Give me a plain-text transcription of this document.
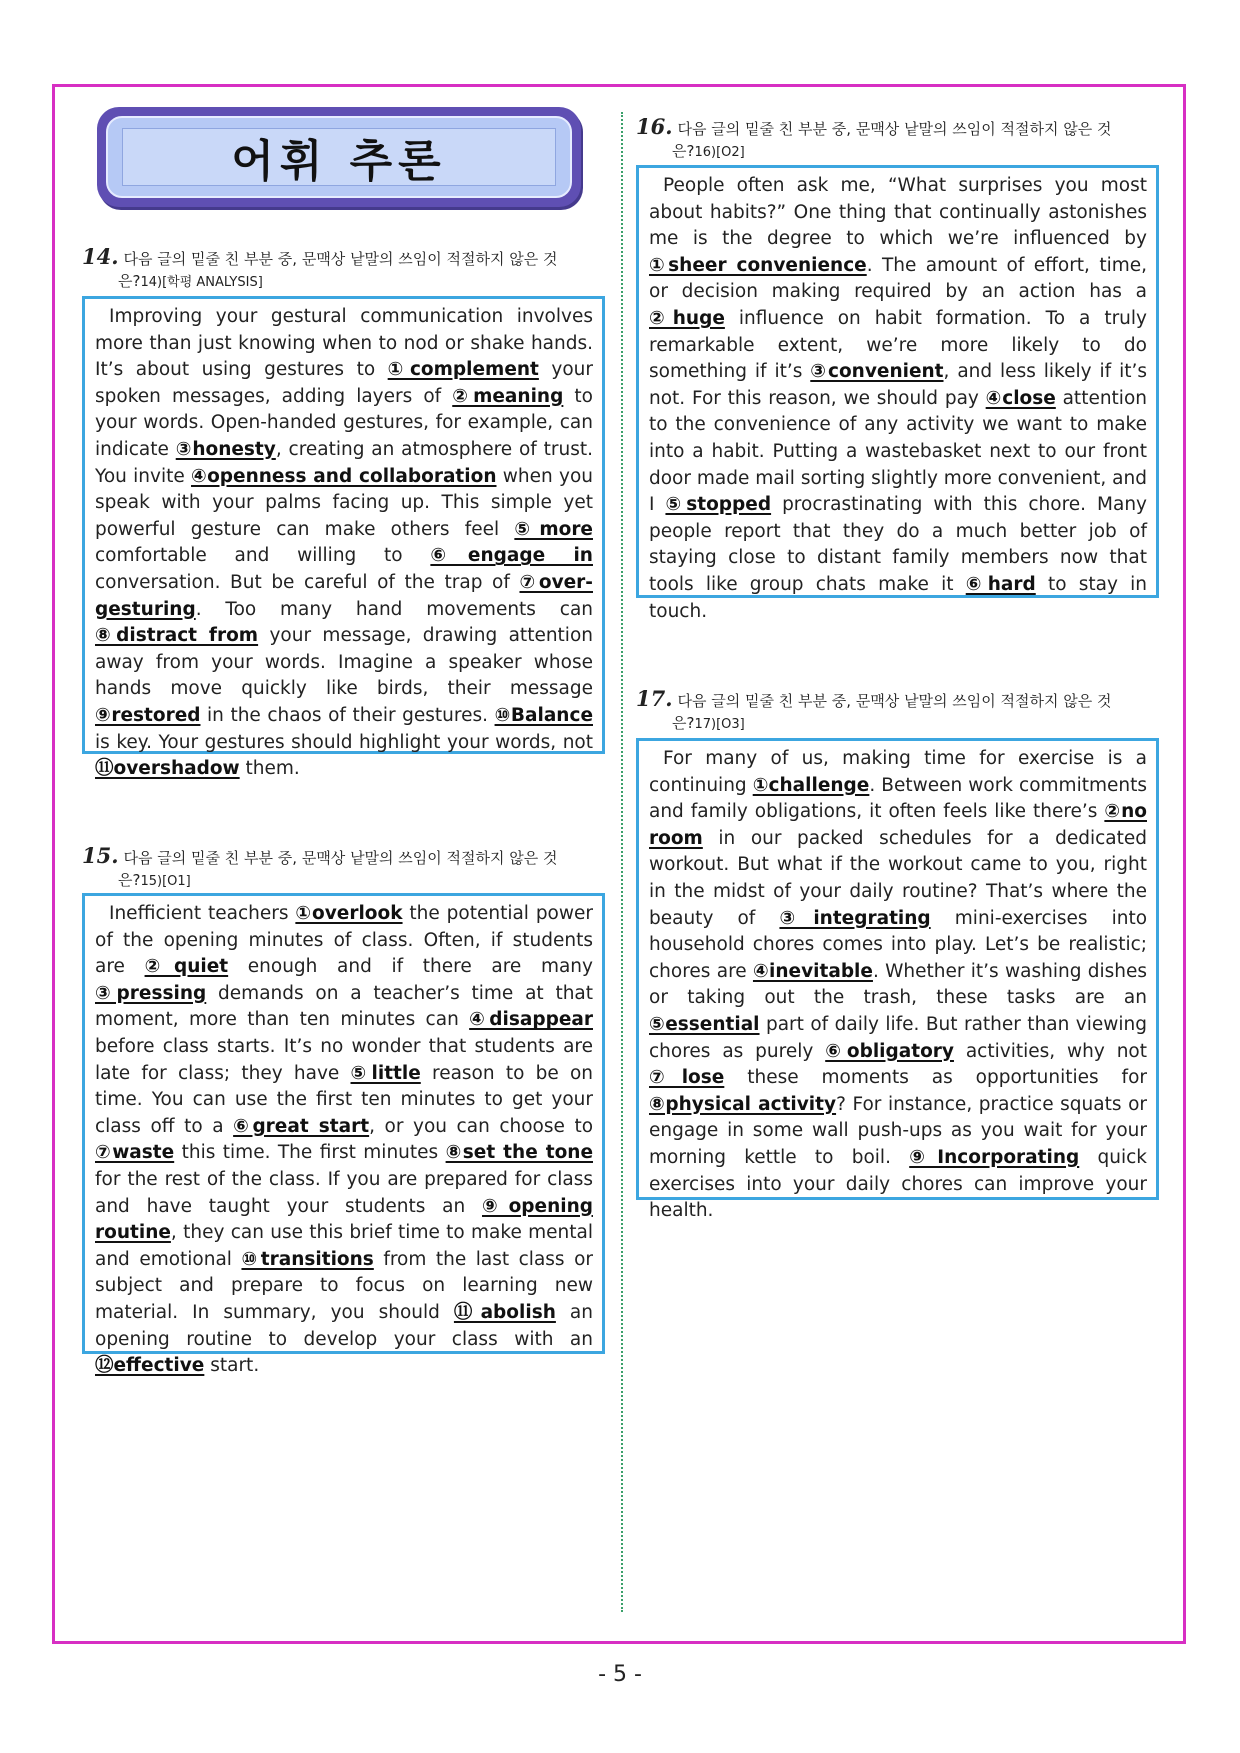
어휘 추론
14. 다음 글의 밑줄 친 부분 중, 문맥상 낱말의 쓰임이 적절하지 않은 것
은?14)[학평 ANALYSIS]

Improving your gestural communication involves more than just knowing when to nod or shake hands. It’s about using gestures to ①complement your spoken messages, adding layers of ②meaning to your words. Open-handed gestures, for example, can indicate ③honesty, creating an atmosphere of trust. You invite ④openness and collaboration when you speak with your palms facing up. This simple yet powerful gesture can make others feel ⑤more comfortable and willing to ⑥engage in conversation. But be careful of the trap of ⑦over-gesturing. Too many hand movements can ⑧distract from your message, drawing attention away from your words. Imagine a speaker whose hands move quickly like birds, their message ⑨restored in the chaos of their gestures. ⑩Balance is key. Your gestures should highlight your words, not ⑪overshadow them.

15. 다음 글의 밑줄 친 부분 중, 문맥상 낱말의 쓰임이 적절하지 않은 것
은?15)[O1]

Inefficient teachers ①overlook the potential power of the opening minutes of class. Often, if students are ②quiet enough and if there are many ③pressing demands on a teacher’s time at that moment, more than ten minutes can ④disappear before class starts. It’s no wonder that students are late for class; they have ⑤little reason to be on time. You can use the first ten minutes to get your class off to a ⑥great start, or you can choose to ⑦waste this time. The first minutes ⑧set the tone for the rest of the class. If you are prepared for class and have taught your students an ⑨opening routine, they can use this brief time to make mental and emotional ⑩transitions from the last class or subject and prepare to focus on learning new material. In summary, you should ⑪abolish an opening routine to develop your class with an ⑫effective start.

16. 다음 글의 밑줄 친 부분 중, 문맥상 낱말의 쓰임이 적절하지 않은 것
은?16)[O2]

People often ask me, “What surprises you most about habits?” One thing that continually astonishes me is the degree to which we’re influenced by ①sheer convenience. The amount of effort, time, or decision making required by an action has a ②huge influence on habit formation. To a truly remarkable extent, we’re more likely to do something if it’s ③convenient, and less likely if it’s not. For this reason, we should pay ④close attention to the convenience of any activity we want to make into a habit. Putting a wastebasket next to our front door made mail sorting slightly more convenient, and I ⑤stopped procrastinating with this chore. Many people report that they do a much better job of staying close to distant family members now that tools like group chats make it ⑥hard to stay in touch.

17. 다음 글의 밑줄 친 부분 중, 문맥상 낱말의 쓰임이 적절하지 않은 것
은?17)[O3]

For many of us, making time for exercise is a continuing ①challenge. Between work commitments and family obligations, it often feels like there’s ②no room in our packed schedules for a dedicated workout. But what if the workout came to you, right in the midst of your daily routine? That’s where the beauty of ③integrating mini-exercises into household chores comes into play. Let’s be realistic; chores are ④inevitable. Whether it’s washing dishes or taking out the trash, these tasks are an ⑤essential part of daily life. But rather than viewing chores as purely ⑥obligatory activities, why not ⑦lose these moments as opportunities for ⑧physical activity? For instance, practice squats or engage in some wall push-ups as you wait for your morning kettle to boil. ⑨Incorporating quick exercises into your daily chores can improve your health.

- 5 -
